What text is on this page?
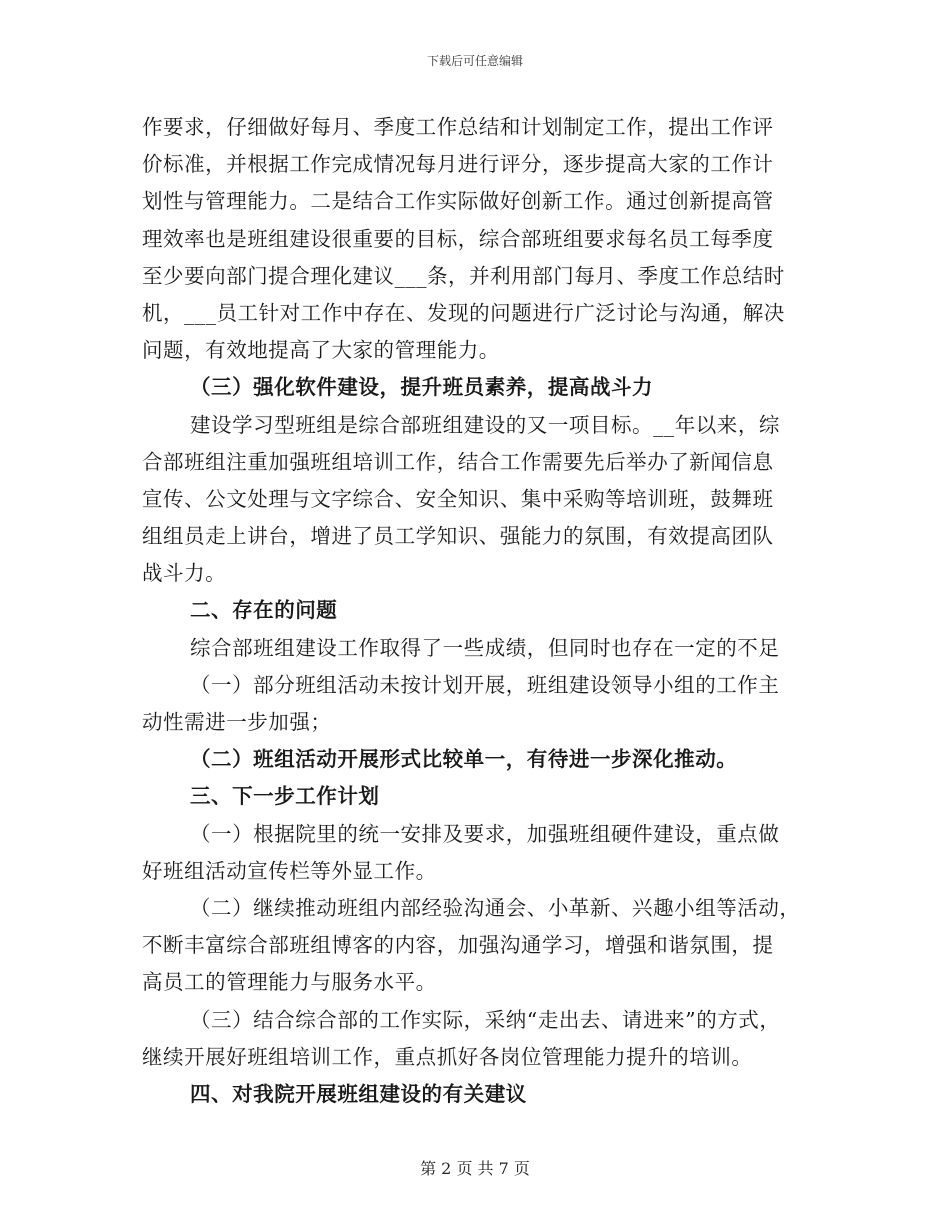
下载后可任意编辑
作要求，仔细做好每月、季度工作总结和计划制定工作，提出工作评
价标准，并根据工作完成情况每月进行评分，逐步提高大家的工作计
划性与管理能力。二是结合工作实际做好创新工作。通过创新提高管
理效率也是班组建设很重要的目标，综合部班组要求每名员工每季度
至少要向部门提合理化建议___条，并利用部门每月、季度工作总结时
机，___员工针对工作中存在、发现的问题进行广泛讨论与沟通，解决
问题，有效地提高了大家的管理能力。
（三）强化软件建设，提升班员素养，提高战斗力
建设学习型班组是综合部班组建设的又一项目标。__年以来，综
合部班组注重加强班组培训工作，结合工作需要先后举办了新闻信息
宣传、公文处理与文字综合、安全知识、集中采购等培训班，鼓舞班
组组员走上讲台，增进了员工学知识、强能力的氛围，有效提高团队
战斗力。
二、存在的问题
综合部班组建设工作取得了一些成绩，但同时也存在一定的不足
（一）部分班组活动未按计划开展，班组建设领导小组的工作主
动性需进一步加强；
（二）班组活动开展形式比较单一，有待进一步深化推动。
三、下一步工作计划
（一）根据院里的统一安排及要求，加强班组硬件建设，重点做
好班组活动宣传栏等外显工作。
（二）继续推动班组内部经验沟通会、小革新、兴趣小组等活动，
不断丰富综合部班组博客的内容，加强沟通学习，增强和谐氛围，提
高员工的管理能力与服务水平。
（三）结合综合部的工作实际，采纳“走出去、请进来”的方式，
继续开展好班组培训工作，重点抓好各岗位管理能力提升的培训。
四、对我院开展班组建设的有关建议
第 2 页 共 7 页
